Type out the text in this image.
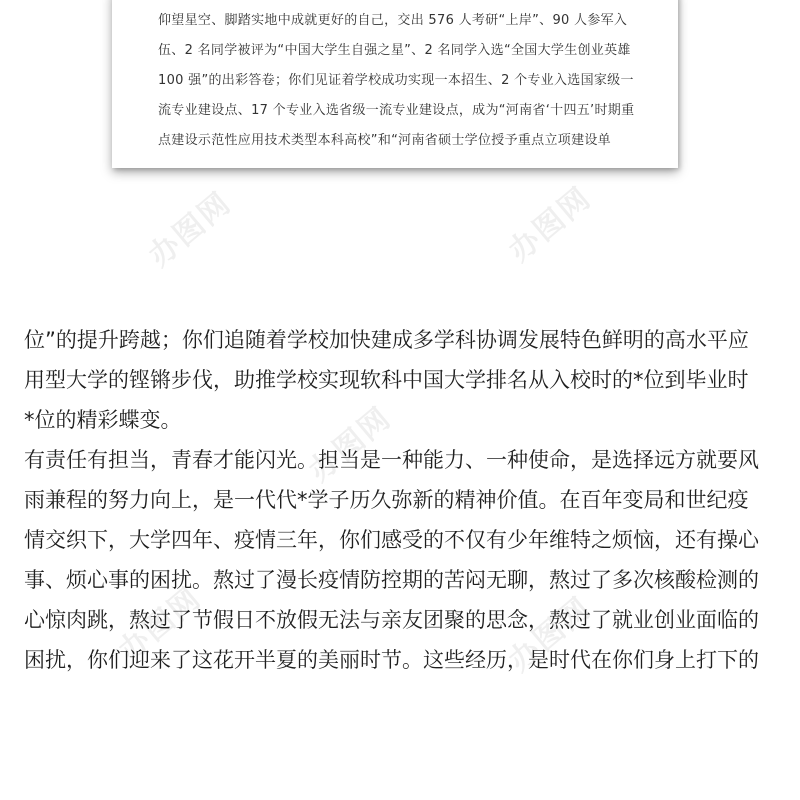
仰望星空、脚踏实地中成就更好的自己，交出 576 人考研“上岸”、90 人参军入

伍、2 名同学被评为“中国大学生自强之星”、2 名同学入选“全国大学生创业英雄

100 强”的出彩答卷；你们见证着学校成功实现一本招生、2 个专业入选国家级一

流专业建设点、17 个专业入选省级一流专业建设点，成为“河南省‘十四五’时期重

点建设示范性应用技术类型本科高校”和“河南省硕士学位授予重点立项建设单

办图网	办图网
办图网
办图网	办图网

位”的提升跨越；你们追随着学校加快建成多学科协调发展特色鲜明的高水平应

用型大学的铿锵步伐，助推学校实现软科中国大学排名从入校时的*位到毕业时

*位的精彩蝶变。

有责任有担当，青春才能闪光。担当是一种能力、一种使命，是选择远方就要风

雨兼程的努力向上，是一代代*学子历久弥新的精神价值。在百年变局和世纪疫

情交织下，大学四年、疫情三年，你们感受的不仅有少年维特之烦恼，还有操心

事、烦心事的困扰。熬过了漫长疫情防控期的苦闷无聊，熬过了多次核酸检测的

心惊肉跳，熬过了节假日不放假无法与亲友团聚的思念，熬过了就业创业面临的

困扰，你们迎来了这花开半夏的美丽时节。这些经历，是时代在你们身上打下的
